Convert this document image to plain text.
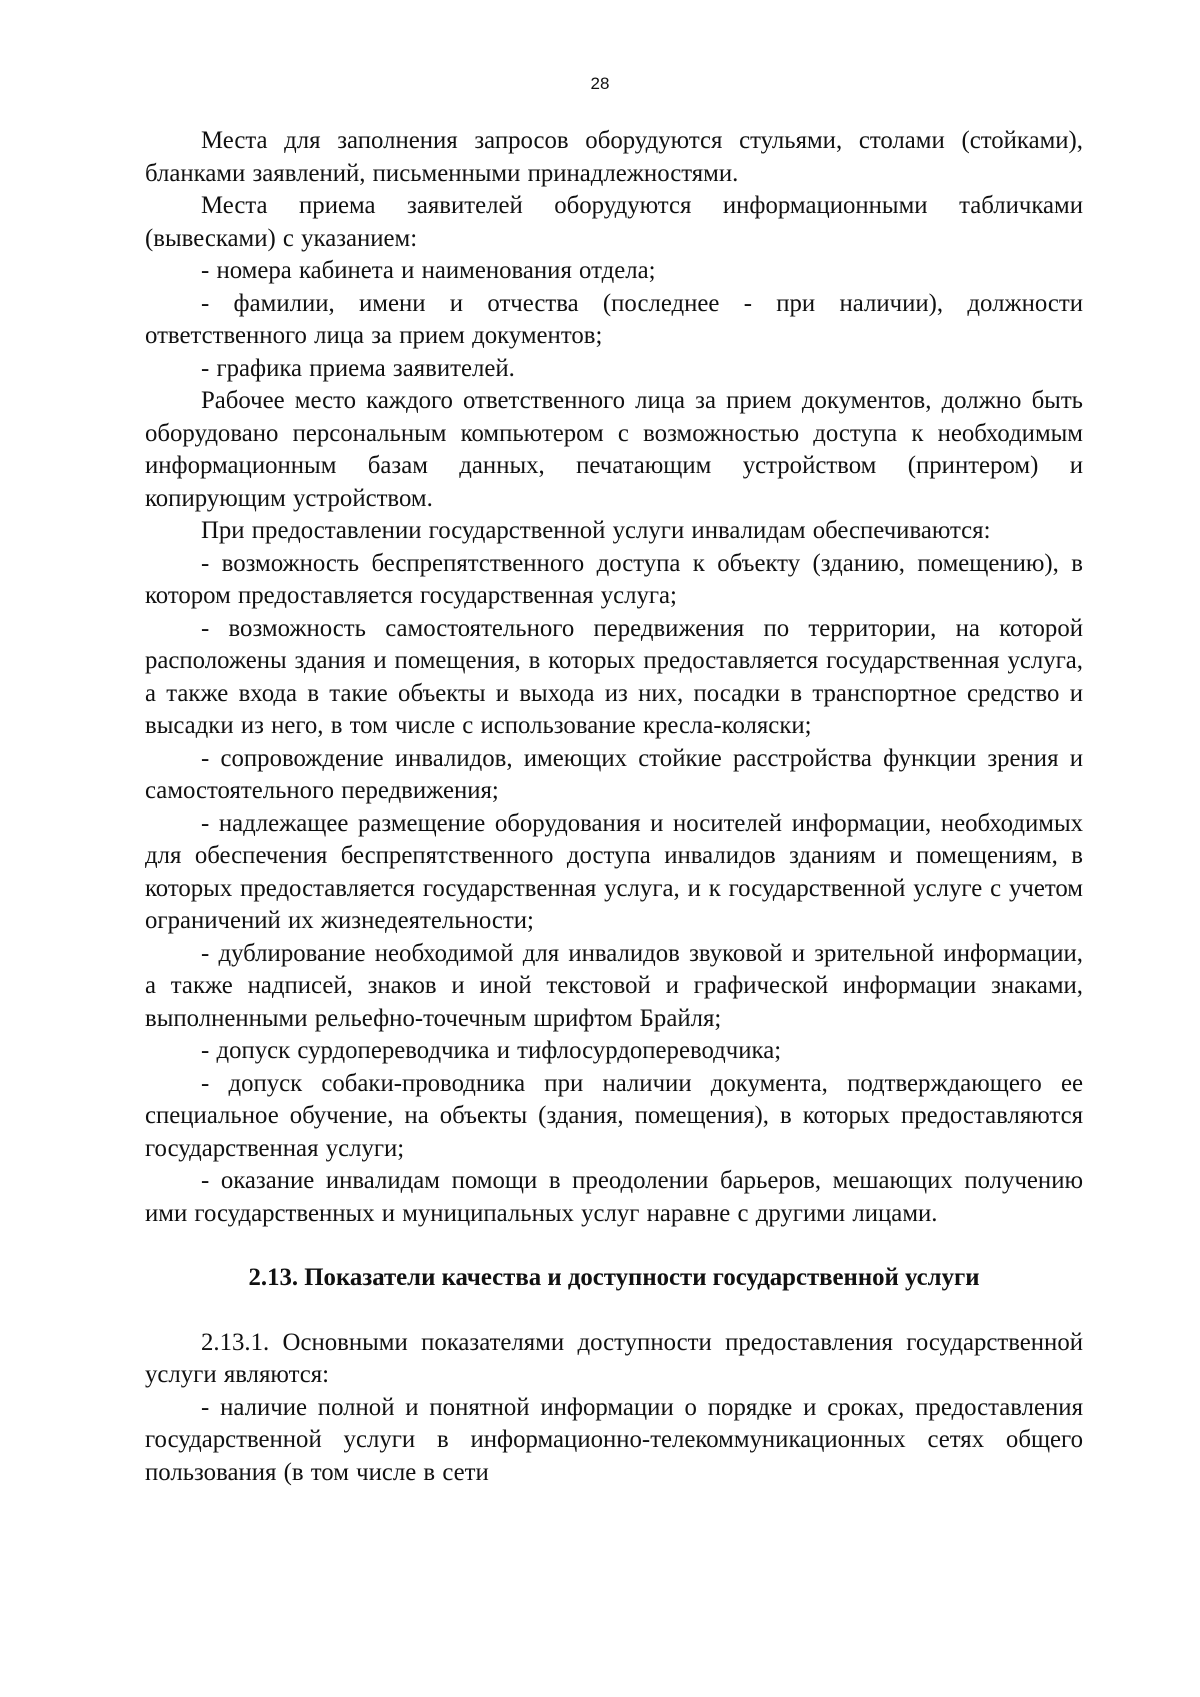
28

Места для заполнения запросов оборудуются стульями, столами (стойками), бланками заявлений, письменными принадлежностями.

Места приема заявителей оборудуются информационными табличками (вывесками) с указанием:

- номера кабинета и наименования отдела;

- фамилии, имени и отчества (последнее - при наличии), должности ответственного лица за прием документов;

- графика приема заявителей.

Рабочее место каждого ответственного лица за прием документов, должно быть оборудовано персональным компьютером с возможностью доступа к необходимым информационным базам данных, печатающим устройством (принтером) и копирующим устройством.

При предоставлении государственной услуги инвалидам обеспечиваются:

- возможность беспрепятственного доступа к объекту (зданию, помещению), в котором предоставляется государственная услуга;

- возможность самостоятельного передвижения по территории, на которой расположены здания и помещения, в которых предоставляется государственная услуга, а также входа в такие объекты и выхода из них, посадки в транспортное средство и высадки из него, в том числе с использование кресла-коляски;

- сопровождение инвалидов, имеющих стойкие расстройства функции зрения и самостоятельного передвижения;

- надлежащее размещение оборудования и носителей информации, необходимых для обеспечения беспрепятственного доступа инвалидов зданиям и помещениям, в которых предоставляется государственная услуга, и к государственной услуге с учетом ограничений их жизнедеятельности;

- дублирование необходимой для инвалидов звуковой и зрительной информации, а также надписей, знаков и иной текстовой и графической информации знаками, выполненными рельефно-точечным шрифтом Брайля;

- допуск сурдопереводчика и тифлосурдопереводчика;

- допуск собаки-проводника при наличии документа, подтверждающего ее специальное обучение, на объекты (здания, помещения), в которых предоставляются государственная услуги;

- оказание инвалидам помощи в преодолении барьеров, мешающих получению ими государственных и муниципальных услуг наравне с другими лицами.

2.13. Показатели качества и доступности государственной услуги

2.13.1. Основными показателями доступности предоставления государственной услуги являются:

- наличие полной и понятной информации о порядке и сроках, предоставления государственной услуги в информационно-телекоммуникационных сетях общего пользования (в том числе в сети
